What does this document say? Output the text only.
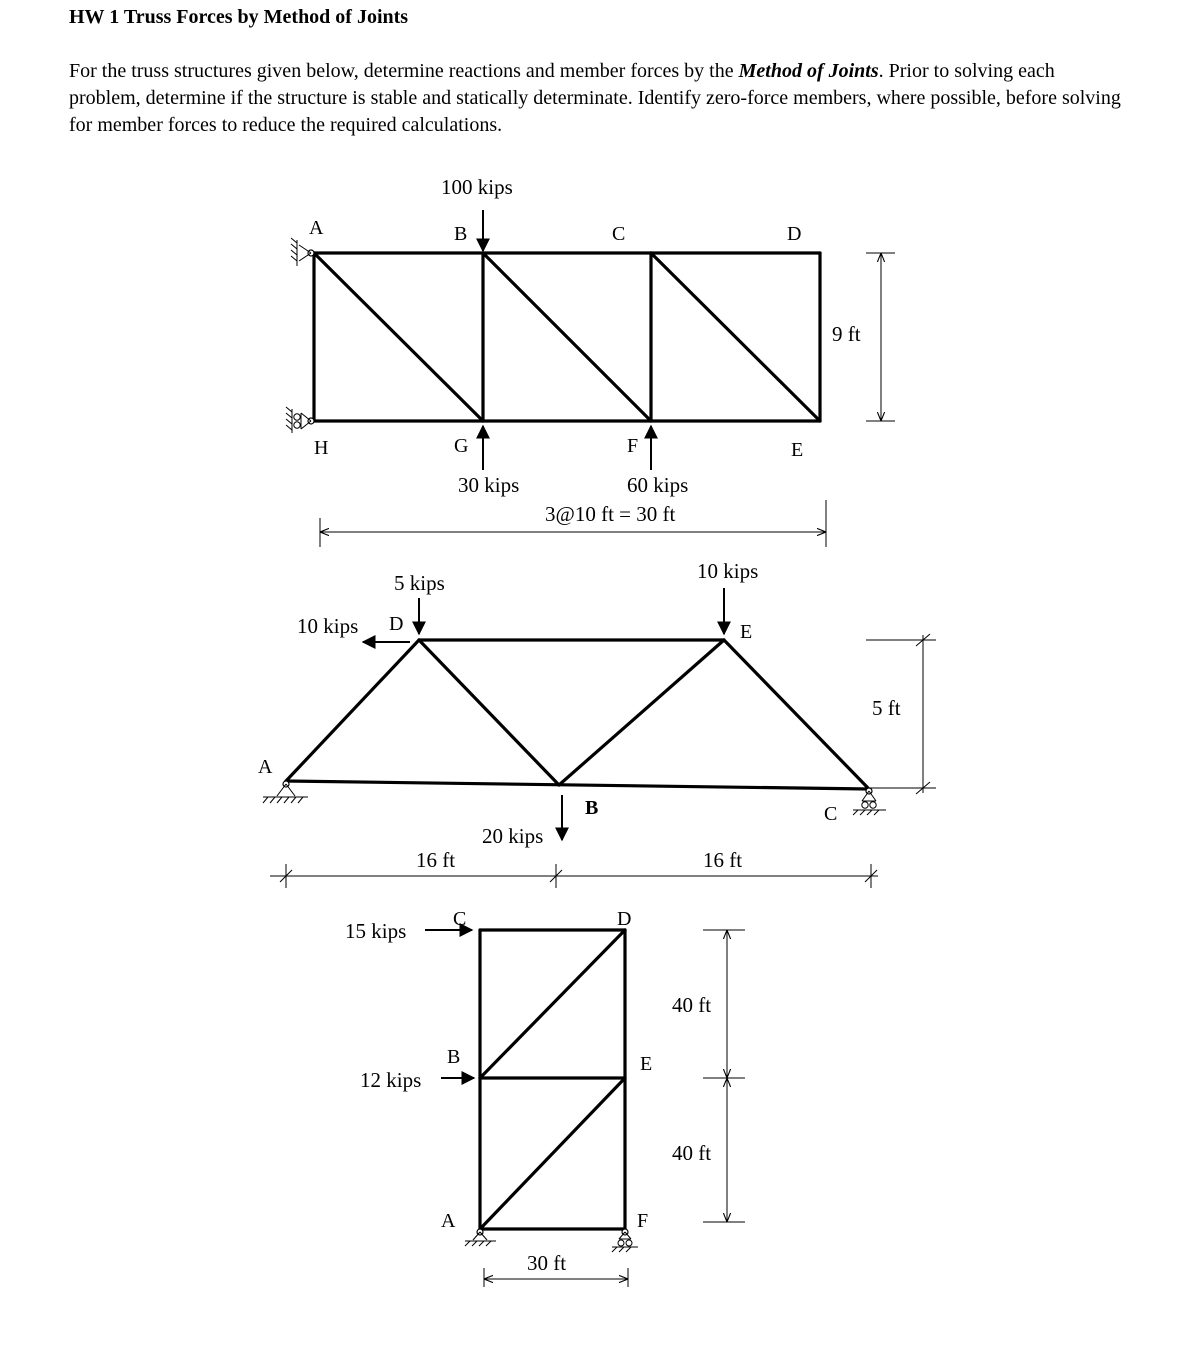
HW 1 Truss Forces by Method of Joints

For the truss structures given below, determine reactions and member forces by the Method of Joints. Prior to solving each problem, determine if the structure is stable and statically determinate. Identify zero-force members, where possible, before solving for member forces to reduce the required calculations.

A	B	C	D
E
F
G
H
100 kips
30 kips	60 kips
9 ft
3@10 ft = 30 ft
A
B	C
D	E
5 kips
10 kips
10 kips
20 kips
5 ft
16 ft	16 ft
A
B
C	D
E
F
15 kips
12 kips
40 ft
40 ft
30 ft
